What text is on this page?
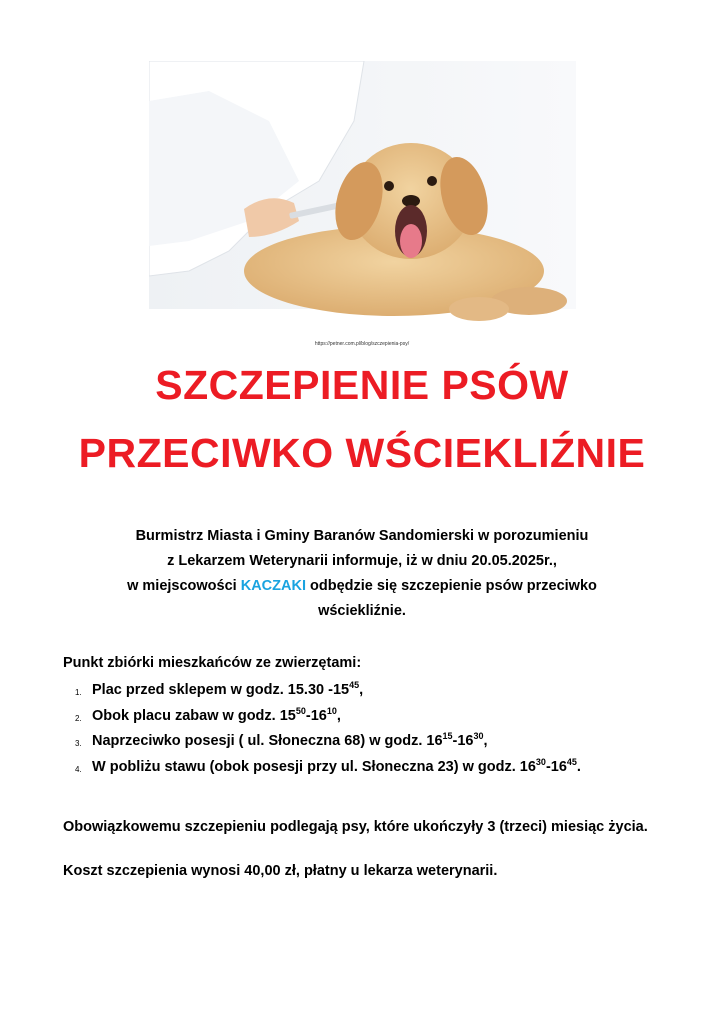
https://petner.com.pl/blog/szczepienia-psy/
SZCZEPIENIE PSÓW
PRZECIWKO WŚCIEKLIŹNIE
Burmistrz Miasta i Gminy Baranów Sandomierski w porozumieniu
z Lekarzem Weterynarii informuje, iż w dniu 20.05.2025r.,
w miejscowości KACZAKI odbędzie się szczepienie psów przeciwko
wściekliźnie.
Punkt zbiórki mieszkańców ze zwierzętami:
1. Plac przed sklepem w godz. 15.30 $-15^{45}$,
2. Obok placu zabaw w godz. $15^{50}-16^{10}$,
3. Naprzeciwko posesji ( ul. Słoneczna 68) w godz. $16^{15}-16^{30}$,
4. W pobliżu stawu (obok posesji przy ul. Słoneczna 23) w godz. $16^{30}-16^{45}$.
Obowiązkowemu szczepieniu podlegają psy, które ukończyły 3 (trzeci) miesiąc życia.
Koszt szczepienia wynosi 40,00 zł, płatny u lekarza weterynarii.
